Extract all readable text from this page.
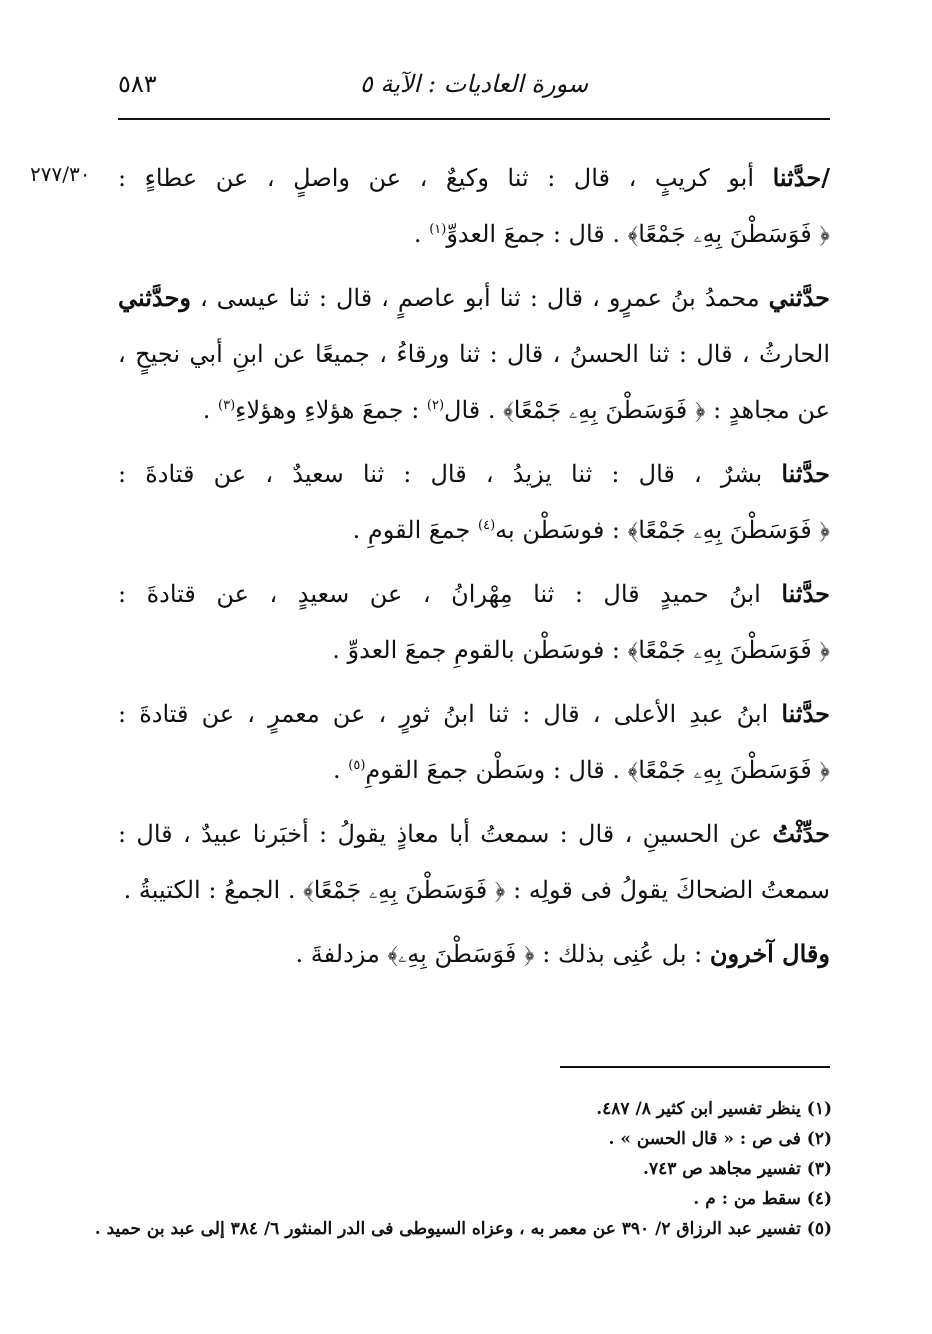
٥٨٣	سورة العاديات : الآية ٥
٢٧٧/٣٠	/حدَّثنا أبو كريبٍ ، قال : ثنا وكيعٌ ، عن واصلٍ ، عن عطاءٍ : ﴿ فَوَسَطْنَ بِهِۦ جَمْعًا﴾ . قال : جمعَ العدوِّ$^{(١)}$ .

حدَّثني محمدُ بنُ عمرٍو ، قال : ثنا أبو عاصمٍ ، قال : ثنا عيسى ، وحدَّثني الحارثُ ، قال : ثنا الحسنُ ، قال : ثنا ورقاءُ ، جميعًا عن ابنِ أبي نجيحٍ ، عن مجاهدٍ : ﴿ فَوَسَطْنَ بِهِۦ جَمْعًا﴾ . قال$^{(٢)}$ : جمعَ هؤلاءِ وهؤلاءِ$^{(٣)}$ .

حدَّثنا بشرٌ ، قال : ثنا يزيدُ ، قال : ثنا سعيدٌ ، عن قتادةَ : ﴿ فَوَسَطْنَ بِهِۦ جَمْعًا﴾ : فوسَطْن به$^{(٤)}$ جمعَ القومِ .

حدَّثنا ابنُ حميدٍ قال : ثنا مِهْرانُ ، عن سعيدٍ ، عن قتادةَ : ﴿ فَوَسَطْنَ بِهِۦ جَمْعًا﴾ : فوسَطْن بالقومِ جمعَ العدوِّ .

حدَّثنا ابنُ عبدِ الأعلى ، قال : ثنا ابنُ ثورٍ ، عن معمرٍ ، عن قتادةَ : ﴿ فَوَسَطْنَ بِهِۦ جَمْعًا﴾ . قال : وسَطْن جمعَ القومِ$^{(٥)}$ .

حدِّثْتُ عن الحسينِ ، قال : سمعتُ أبا معاذٍ يقولُ : أخبَرنا عبيدٌ ، قال : سمعتُ الضحاكَ يقولُ فى قولِه : ﴿ فَوَسَطْنَ بِهِۦ جَمْعًا﴾ . الجمعُ : الكتيبةُ .

وقال آخرون : بل عُنِى بذلك : ﴿ فَوَسَطْنَ بِهِۦ﴾ مزدلفةَ .

(١) ينظر تفسير ابن كثير ٨/ ٤٨٧.
(٢) فى ص : « قال الحسن » .
(٣) تفسير مجاهد ص ٧٤٣.
(٤) سقط من : م .
(٥) تفسير عبد الرزاق ٢/ ٣٩٠ عن معمر به ، وعزاه السيوطى فى الدر المنثور ٦/ ٣٨٤ إلى عبد بن حميد .
